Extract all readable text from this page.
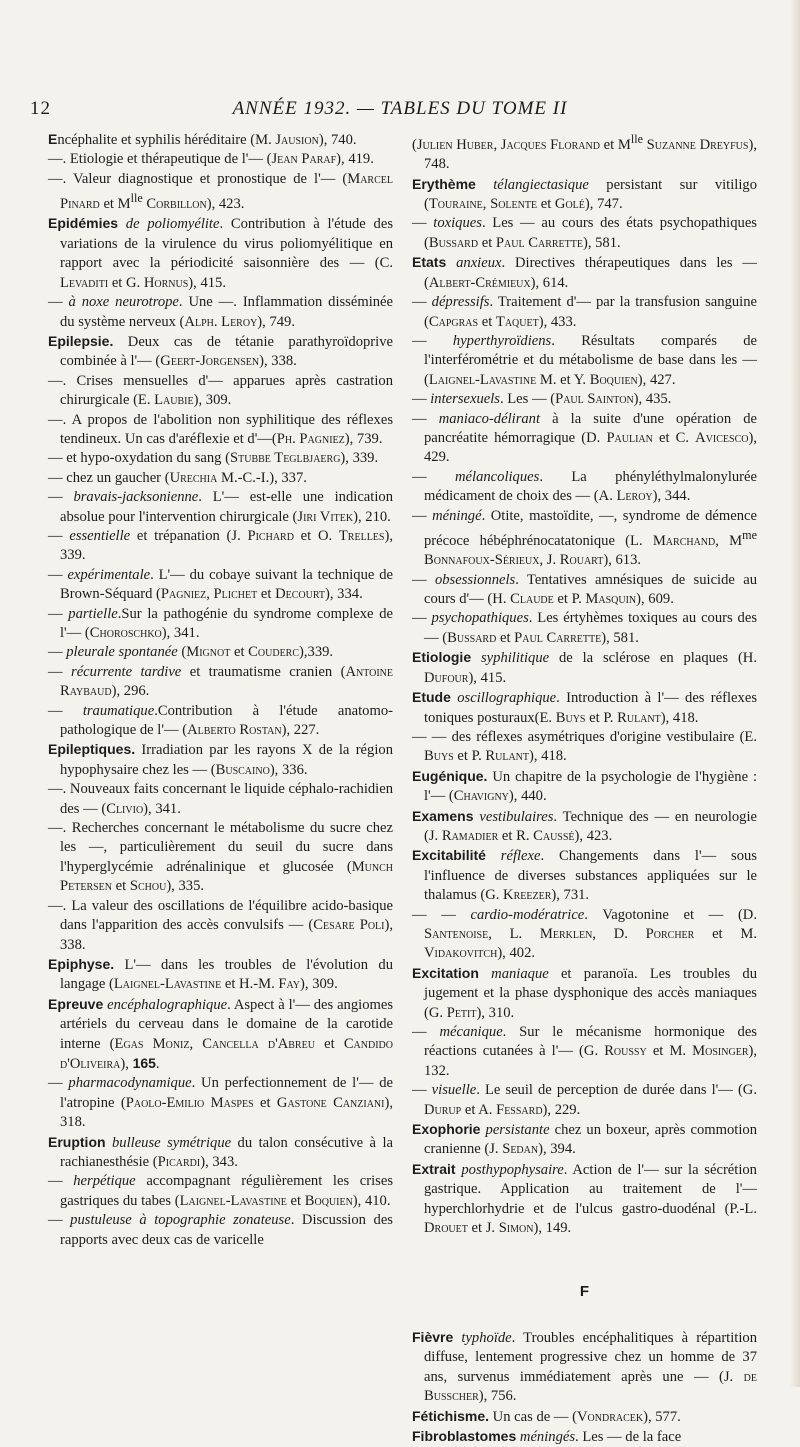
12	ANNÉE 1932. — TABLES DU TOME II

Encéphalite et syphilis héréditaire (M. Jausion), 740.

—. Etiologie et thérapeutique de l'— (Jean Paraf), 419.

—. Valeur diagnostique et pronostique de l'— (Marcel Pinard et $M^{lle}$ Corbillon), 423.

Epidémies de poliomyélite. Contribution à l'étude des variations de la virulence du virus poliomyélitique en rapport avec la périodicité saisonnière des — (C. Levaditi et G. Hornus), 415.

— à noxe neurotrope. Une —. Inflammation disséminée du système nerveux (Alph. Leroy), 749.

Epilepsie. Deux cas de tétanie parathyroïdoprive combinée à l'— (Geert-Jorgensen), 338.

—. Crises mensuelles d'— apparues après castration chirurgicale (E. Laubie), 309.

—. A propos de l'abolition non syphilitique des réflexes tendineux. Un cas d'aréflexie et d'—(Ph. Pagniez), 739.

— et hypo-oxydation du sang (Stubbe Teglbjaerg), 339.

— chez un gaucher (Urechia M.-C.-I.), 337.

— bravais-jacksonienne. L'— est-elle une indication absolue pour l'intervention chirurgicale (Jiri Vitek), 210.

— essentielle et trépanation (J. Pichard et O. Trelles), 339.

— expérimentale. L'— du cobaye suivant la technique de Brown-Séquard (Pagniez, Plichet et Decourt), 334.

— partielle.Sur la pathogénie du syndrome complexe de l'— (Choroschko), 341.

— pleurale spontanée (Mignot et Couderc),339.

— récurrente tardive et traumatisme cranien (Antoine Raybaud), 296.

— traumatique.Contribution à l'étude anatomo-pathologique de l'— (Alberto Rostan), 227.

Epileptiques. Irradiation par les rayons X de la région hypophysaire chez les — (Buscaino), 336.

—. Nouveaux faits concernant le liquide céphalo-rachidien des — (Clivio), 341.

—. Recherches concernant le métabolisme du sucre chez les —, particulièrement du seuil du sucre dans l'hyperglycémie adrénalinique et glucosée (Munch Petersen et Schou), 335.

—. La valeur des oscillations de l'équilibre acido-basique dans l'apparition des accès convulsifs — (Cesare Poli), 338.

Epiphyse. L'— dans les troubles de l'évolution du langage (Laignel-Lavastine et H.-M. Fay), 309.

Epreuve encéphalographique. Aspect à l'— des angiomes artériels du cerveau dans le domaine de la carotide interne (Egas Moniz, Cancella d'Abreu et Candido d'Oliveira), 165.

— pharmacodynamique. Un perfectionnement de l'— de l'atropine (Paolo-Emilio Maspes et Gastone Canziani), 318.

Eruption bulleuse symétrique du talon consécutive à la rachianesthésie (Picardi), 343.

— herpétique accompagnant régulièrement les crises gastriques du tabes (Laignel-Lavastine et Boquien), 410.

— pustuleuse à topographie zonateuse. Discussion des rapports avec deux cas de varicelle

(Julien Huber, Jacques Florand et $M^{lle}$ Suzanne Dreyfus), 748.

Erythème télangiectasique persistant sur vitiligo (Touraine, Solente et Golé), 747.

— toxiques. Les — au cours des états psychopathiques (Bussard et Paul Carrette), 581.

Etats anxieux. Directives thérapeutiques dans les — (Albert-Crémieux), 614.

— dépressifs. Traitement d'— par la transfusion sanguine (Capgras et Taquet), 433.

— hyperthyroïdiens. Résultats comparés de l'interférométrie et du métabolisme de base dans les — (Laignel-Lavastine M. et Y. Boquien), 427.

— intersexuels. Les — (Paul Sainton), 435.

— maniaco-délirant à la suite d'une opération de pancréatite hémorragique (D. Paulian et C. Avicesco), 429.

— mélancoliques. La phényléthylmalonylurée médicament de choix des — (A. Leroy), 344.

— méningé. Otite, mastoïdite, —, syndrome de démence précoce hébéphrénocatatonique (L. Marchand, $M^{me}$ Bonnafoux-Sérieux, J. Rouart), 613.

— obsessionnels. Tentatives amnésiques de suicide au cours d'— (H. Claude et P. Masquin), 609.

— psychopathiques. Les értyhèmes toxiques au cours des — (Bussard et Paul Carrette), 581.

Etiologie syphilitique de la sclérose en plaques (H. Dufour), 415.

Etude oscillographique. Introduction à l'— des réflexes toniques posturaux(E. Buys et P. Rulant), 418.

— — des réflexes asymétriques d'origine vestibulaire (E. Buys et P. Rulant), 418.

Eugénique. Un chapitre de la psychologie de l'hygiène : l'— (Chavigny), 440.

Examens vestibulaires. Technique des — en neurologie (J. Ramadier et R. Caussé), 423.

Excitabilité réflexe. Changements dans l'— sous l'influence de diverses substances appliquées sur le thalamus (G. Kreezer), 731.

— — cardio-modératrice. Vagotonine et — (D. Santenoise, L. Merklen, D. Porcher et M. Vidakovitch), 402.

Excitation maniaque et paranoïa. Les troubles du jugement et la phase dysphonique des accès maniaques (G. Petit), 310.

— mécanique. Sur le mécanisme hormonique des réactions cutanées à l'— (G. Roussy et M. Mosinger), 132.

— visuelle. Le seuil de perception de durée dans l'— (G. Durup et A. Fessard), 229.

Exophorie persistante chez un boxeur, après commotion cranienne (J. Sedan), 394.

Extrait posthypophysaire. Action de l'— sur la sécrétion gastrique. Application au traitement de l'— hyperchlorhydrie et de l'ulcus gastro-duodénal (P.-L. Drouet et J. Simon), 149.

F

Fièvre typhoïde. Troubles encéphalitiques à répartition diffuse, lentement progressive chez un homme de 37 ans, survenus immédiatement après une — (J. de Busscher), 756.

Fétichisme. Un cas de — (Vondracek), 577.

Fibroblastomes méningés. Les — de la face
